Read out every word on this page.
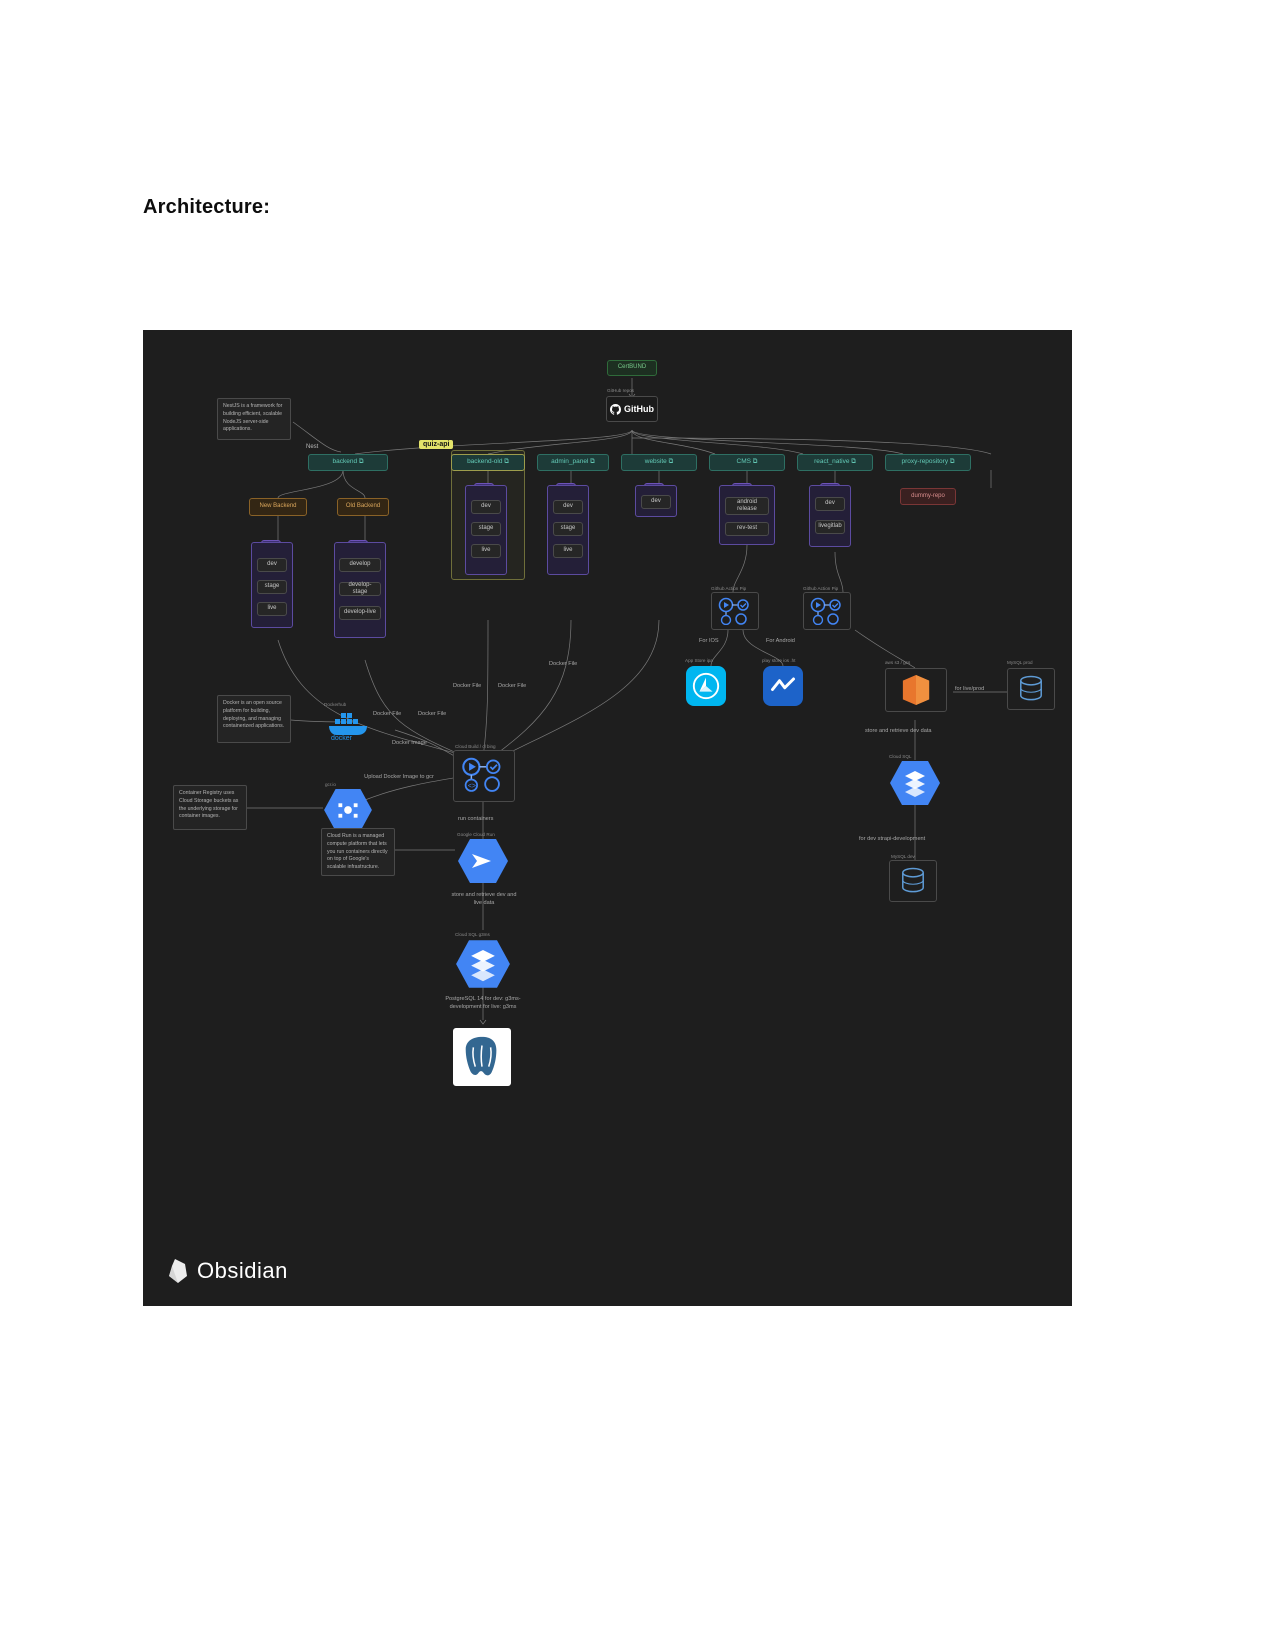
Architecture:
CertBUND
GitHub repos
GitHub
NestJS is a framework for building efficient, scalable NodeJS server-side applications.
Nest	quiz-api
backend ⧉	backend-old ⧉	admin_panel ⧉	website ⧉	CMS ⧉	react_native ⧉	proxy-repository ⧉
dummy-repo
New Backend	Old Backend
dev
stage
live
develop
develop-stage
develop-live
dev
stage
live
dev
stage
live
dev	android release
rev-test
dev
livegitlab
Github Action Pip	Github Action Pip
For IOS	For Android
App Store ipa	play store ios .ht	aws s3 / gcs
for live/prod
MySQL prod
store and retrieve dev data
Cloud SQL
for dev strapi-development
MySQL dev
Docker File	Docker File
Docker File
Docker File	Docker File
Docker is an open source platform for building, deploying, and managing containerized applications.
Dockerhub
docker
Docker Image
Cloud Build / cl bing
<>
Upload Docker Image to gcr
Container Registry uses Cloud Storage buckets as the underlying storage for container images.
gcr.io
run containers
Cloud Run is a managed compute platform that lets you run containers directly on top of Google's scalable infrastructure.
Google Cloud Run
store and retrieve dev and live data
Cloud SQL g3ms
PostgreSQL 14 for dev: g3ms-development for live: g3ms
Obsidian
